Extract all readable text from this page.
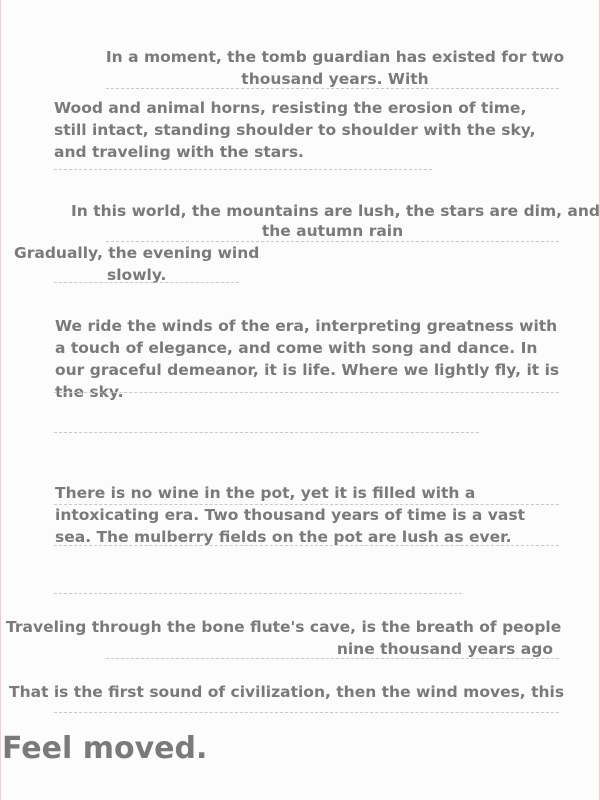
In a moment, the tomb guardian has existed for two
thousand years. With
Wood and animal horns, resisting the erosion of time,
still intact, standing shoulder to shoulder with the sky,
and traveling with the stars.
In this world, the mountains are lush, the stars are dim, and
the autumn rain
Gradually, the evening wind
slowly.
We ride the winds of the era, interpreting greatness with
a touch of elegance, and come with song and dance. In
our graceful demeanor, it is life. Where we lightly fly, it is
the sky.
There is no wine in the pot, yet it is filled with a
intoxicating era. Two thousand years of time is a vast
sea. The mulberry fields on the pot are lush as ever.
Traveling through the bone flute's cave, is the breath of people
nine thousand years ago
That is the first sound of civilization, then the wind moves, this
Feel moved.
